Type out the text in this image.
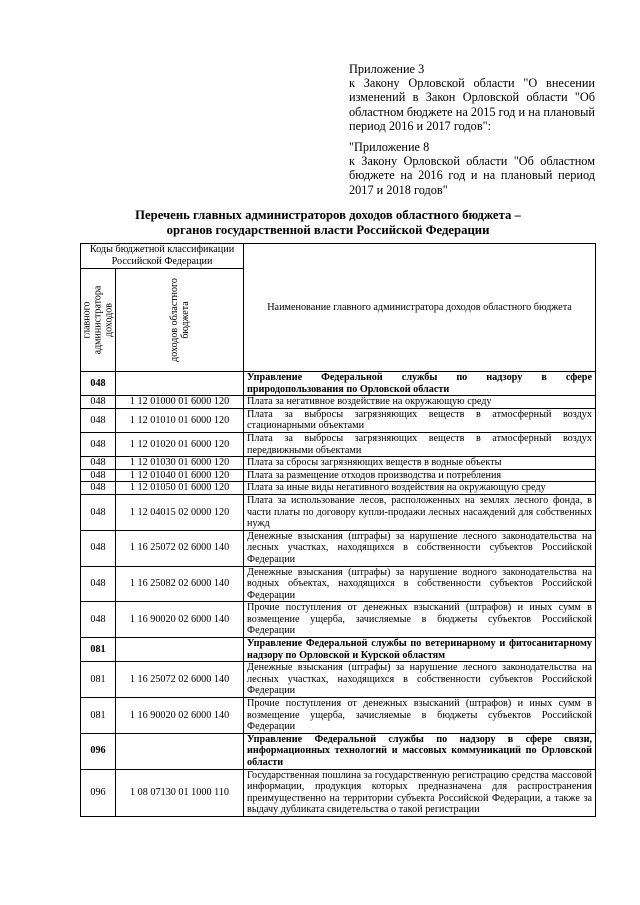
Приложение 3

к Закону Орловской области "О внесении изменений в Закон Орловской области "Об областном бюджете на 2015 год и на плановый период 2016 и 2017 годов":

"Приложение 8

к Закону Орловской области "Об областном бюджете на 2016 год и на плановый период 2017 и 2018 годов"

Перечень главных администраторов доходов областного бюджета –
органов государственной власти Российской Федерации
Коды бюджетной классификации Российской Федерации		Наименование главного администратора доходов областного бюджета

главного администратора доходов	доходов областного бюджета	

048		Управление Федеральной службы по надзору в сфере природопользования по Орловской области
048	1 12 01000 01 6000 120	Плата за негативное воздействие на окружающую среду
048	1 12 01010 01 6000 120	Плата за выбросы загрязняющих веществ в атмосферный воздух стационарными объектами
048	1 12 01020 01 6000 120	Плата за выбросы загрязняющих веществ в атмосферный воздух передвижными объектами
048	1 12 01030 01 6000 120	Плата за сбросы загрязняющих веществ в водные объекты
048	1 12 01040 01 6000 120	Плата за размещение отходов производства и потребления
048	1 12 01050 01 6000 120	Плата за иные виды негативного воздействия на окружающую среду
048	1 12 04015 02 0000 120	Плата за использование лесов, расположенных на землях лесного фонда, в части платы по договору купли-продажи лесных насаждений для собственных нужд
048	1 16 25072 02 6000 140	Денежные взыскания (штрафы) за нарушение лесного законодательства на лесных участках, находящихся в собственности субъектов Российской Федерации
048	1 16 25082 02 6000 140	Денежные взыскания (штрафы) за нарушение водного законодательства на водных объектах, находящихся в собственности субъектов Российской Федерации
048	1 16 90020 02 6000 140	Прочие поступления от денежных взысканий (штрафов) и иных сумм в возмещение ущерба, зачисляемые в бюджеты субъектов Российской Федерации
081		Управление Федеральной службы по ветеринарному и фитосанитарному надзору по Орловской и Курской областям
081	1 16 25072 02 6000 140	Денежные взыскания (штрафы) за нарушение лесного законодательства на лесных участках, находящихся в собственности субъектов Российской Федерации
081	1 16 90020 02 6000 140	Прочие поступления от денежных взысканий (штрафов) и иных сумм в возмещение ущерба, зачисляемые в бюджеты субъектов Российской Федерации
096		Управление Федеральной службы по надзору в сфере связи, информационных технологий и массовых коммуникаций по Орловской области
096	1 08 07130 01 1000 110	Государственная пошлина за государственную регистрацию средства массовой информации, продукция которых предназначена для распространения преимущественно на территории субъекта Российской Федерации, а также за выдачу дубликата свидетельства о такой регистрации
